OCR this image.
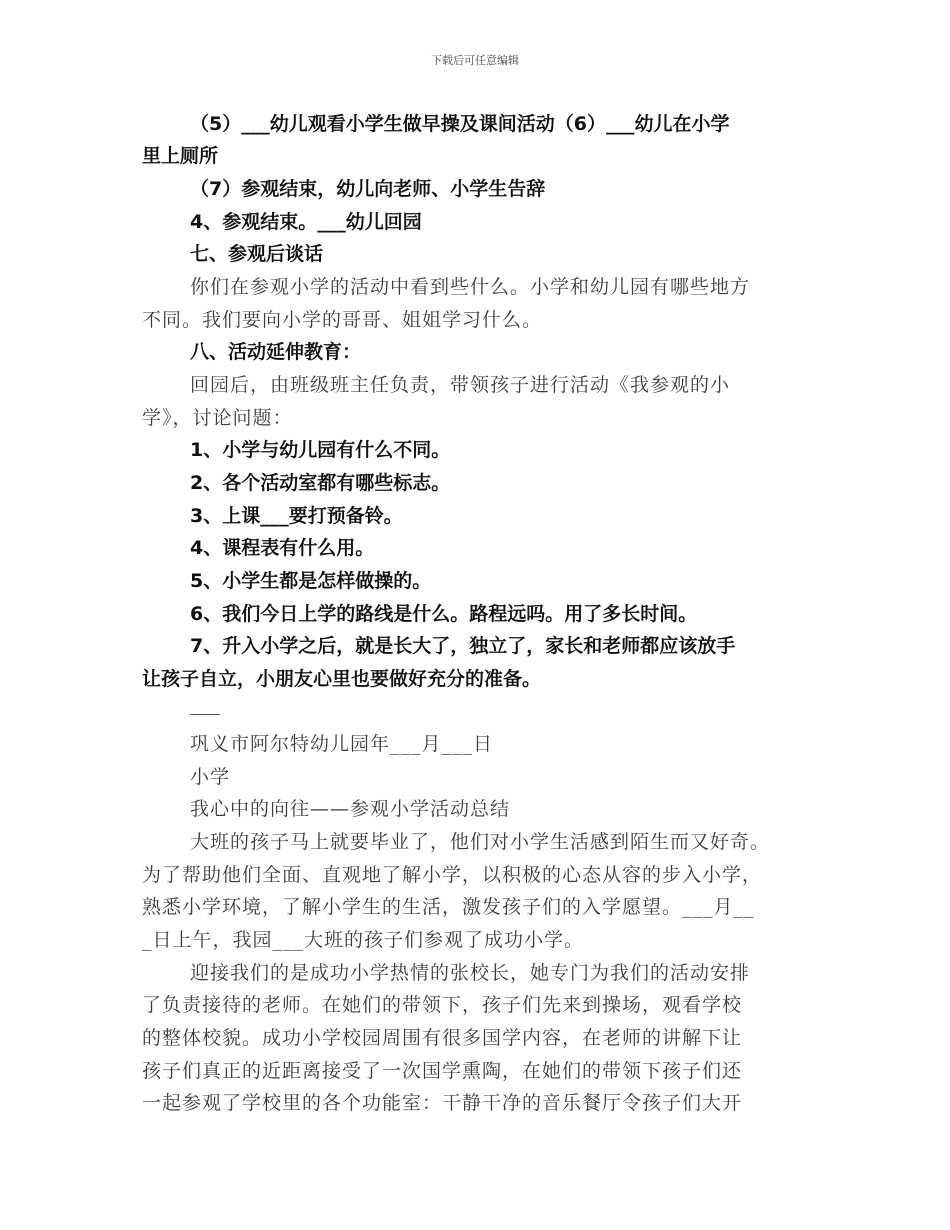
下载后可任意编辑
（5）___幼儿观看小学生做早操及课间活动（6）___幼儿在小学
里上厕所
（7）参观结束，幼儿向老师、小学生告辞
4、参观结束。___幼儿回园
七、参观后谈话
你们在参观小学的活动中看到些什么。小学和幼儿园有哪些地方
不同。我们要向小学的哥哥、姐姐学习什么。
八、活动延伸教育：
回园后，由班级班主任负责，带领孩子进行活动《我参观的小
学》，讨论问题：
1、小学与幼儿园有什么不同。
2、各个活动室都有哪些标志。
3、上课___要打预备铃。
4、课程表有什么用。
5、小学生都是怎样做操的。
6、我们今日上学的路线是什么。路程远吗。用了多长时间。
7、升入小学之后，就是长大了，独立了，家长和老师都应该放手
让孩子自立，小朋友心里也要做好充分的准备。
巩义市阿尔特幼儿园年___月___日
小学
我心中的向往——参观小学活动总结
大班的孩子马上就要毕业了，他们对小学生活感到陌生而又好奇。
为了帮助他们全面、直观地了解小学，以积极的心态从容的步入小学，
熟悉小学环境，了解小学生的生活，激发孩子们的入学愿望。___月__
_日上午，我园___大班的孩子们参观了成功小学。
迎接我们的是成功小学热情的张校长，她专门为我们的活动安排
了负责接待的老师。在她们的带领下，孩子们先来到操场，观看学校
的整体校貌。成功小学校园周围有很多国学内容，在老师的讲解下让
孩子们真正的近距离接受了一次国学熏陶，在她们的带领下孩子们还
一起参观了学校里的各个功能室：干静干净的音乐餐厅令孩子们大开
